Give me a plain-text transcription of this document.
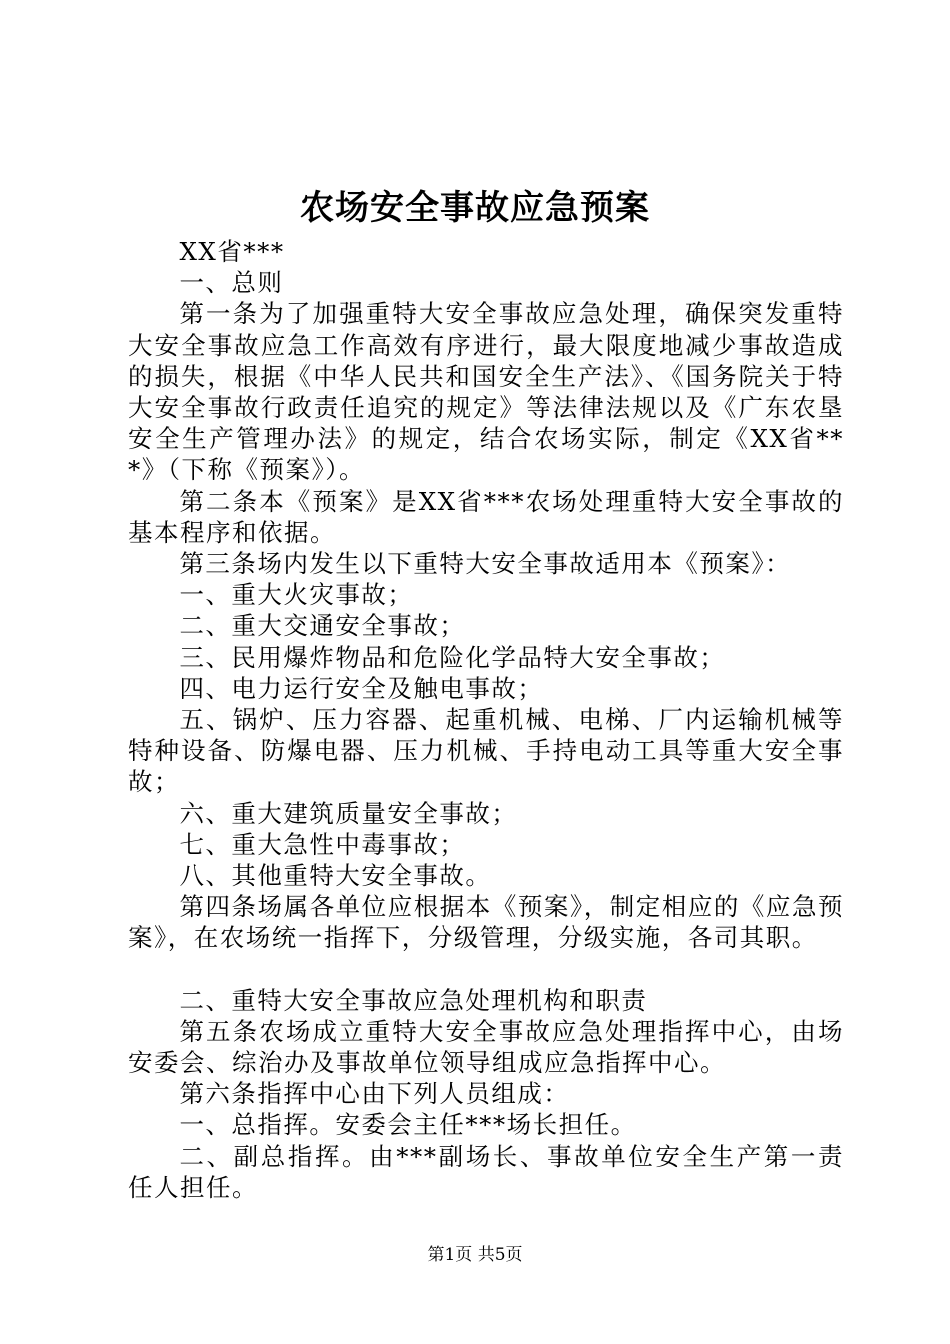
农场安全事故应急预案

XX省***

一、总则

第一条为了加强重特大安全事故应急处理，确保突发重特大安全事故应急工作高效有序进行，最大限度地减少事故造成的损失，根据《中华人民共和国安全生产法》、《国务院关于特大安全事故行政责任追究的规定》等法律法规以及《广东农垦安全生产管理办法》的规定，结合农场实际，制定《XX省***》（下称《预案》）。

第二条本《预案》是XX省***农场处理重特大安全事故的基本程序和依据。

第三条场内发生以下重特大安全事故适用本《预案》：

一、重大火灾事故；

二、重大交通安全事故；

三、民用爆炸物品和危险化学品特大安全事故；

四、电力运行安全及触电事故；

五、锅炉、压力容器、起重机械、电梯、厂内运输机械等特种设备、防爆电器、压力机械、手持电动工具等重大安全事故；

六、重大建筑质量安全事故；

七、重大急性中毒事故；

八、其他重特大安全事故。

第四条场属各单位应根据本《预案》，制定相应的《应急预案》，在农场统一指挥下，分级管理，分级实施，各司其职。

二、重特大安全事故应急处理机构和职责

第五条农场成立重特大安全事故应急处理指挥中心，由场安委会、综治办及事故单位领导组成应急指挥中心。

第六条指挥中心由下列人员组成：

一、总指挥。安委会主任***场长担任。

二、副总指挥。由***副场长、事故单位安全生产第一责任人担任。

第1页 共5页
